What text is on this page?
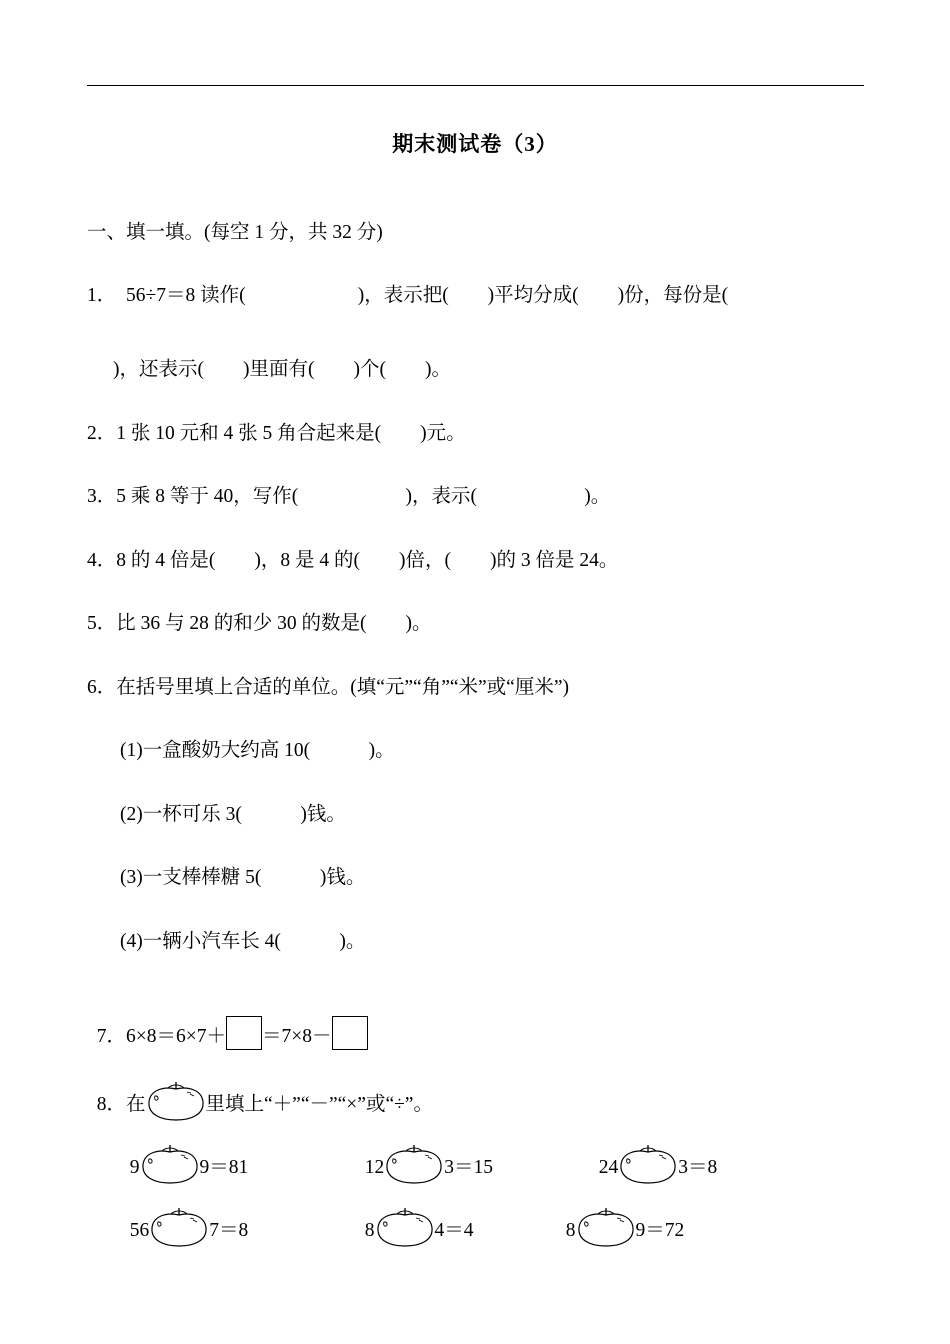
期末测试卷（3）
一、填一填。(每空 1 分，共 32 分)
1．  56÷7＝8 读作(                       )，表示把(        )平均分成(        )份，每份是(
)，还表示(        )里面有(        )个(        )。
2．1 张 10 元和 4 张 5 角合起来是(        )元。
3．5 乘 8 等于 40，写作(                      )，表示(                      )。
4．8 的 4 倍是(        )，8 是 4 的(        )倍，(        )的 3 倍是 24。
5．比 36 与 28 的和少 30 的数是(        )。
6．在括号里填上合适的单位。(填“元”“角”“米”或“厘米”)
(1)一盒酸奶大约高 10(            )。
(2)一杯可乐 3(            )钱。
(3)一支棒棒糖 5(            )钱。
(4)一辆小汽车长 4(            )。

7．6×8＝6×7＋ ＝7×8－

8．在	里填上“＋”“－”“×”或“÷”。

9	9＝81	12	3＝15	24	3＝8

56	7＝8	8	4＝4	8	9＝72
